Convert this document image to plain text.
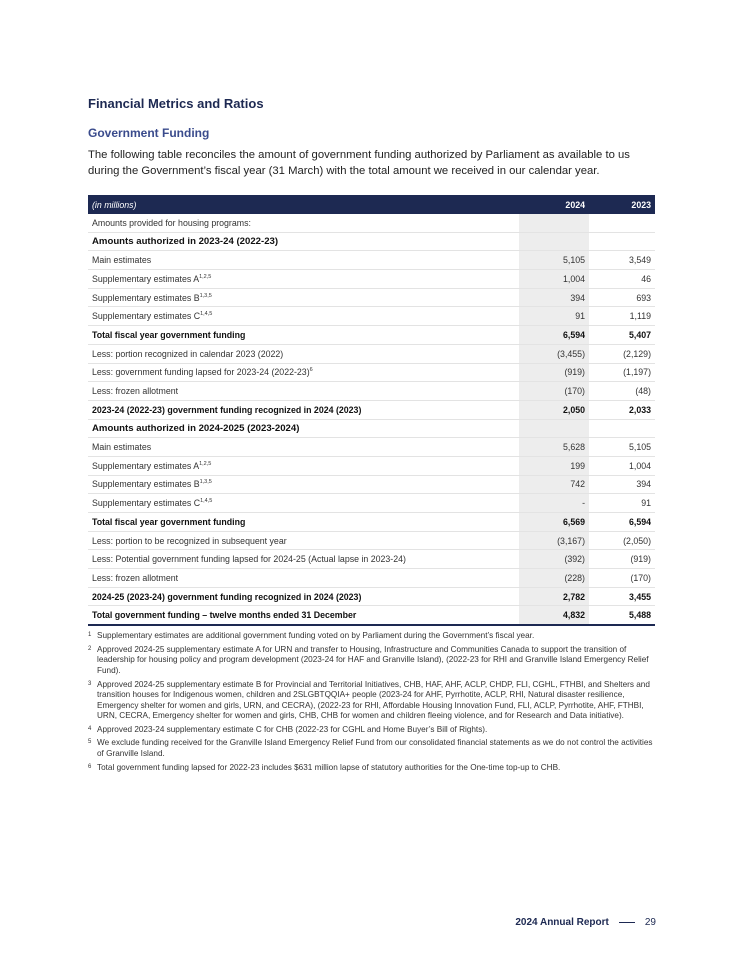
Financial Metrics and Ratios
Government Funding

The following table reconciles the amount of government funding authorized by Parliament as available to us during the Government’s fiscal year (31 March) with the total amount we received in our calendar year.

(in millions)	2024	2023
Amounts provided for housing programs:		
Amounts authorized in 2023-24 (2022-23)		
Main estimates	5,105	3,549
Supplementary estimates A$^{1,2,5}$	1,004	46
Supplementary estimates B$^{1,3,5}$	394	693
Supplementary estimates C$^{1,4,5}$	91	1,119
Total fiscal year government funding	6,594	5,407
Less: portion recognized in calendar 2023 (2022)	(3,455)	(2,129)
Less: government funding lapsed for 2023-24 (2022-23)$^6$	(919)	(1,197)
Less: frozen allotment	(170)	(48)
2023-24 (2022-23) government funding recognized in 2024 (2023)	2,050	2,033
Amounts authorized in 2024-2025 (2023-2024)		
Main estimates	5,628	5,105
Supplementary estimates A$^{1,2,5}$	199	1,004
Supplementary estimates B$^{1,3,5}$	742	394
Supplementary estimates C$^{1,4,5}$	-	91
Total fiscal year government funding	6,569	6,594
Less: portion to be recognized in subsequent year	(3,167)	(2,050)
Less: Potential government funding lapsed for 2024-25 (Actual lapse in 2023-24)	(392)	(919)
Less: frozen allotment	(228)	(170)
2024-25 (2023-24) government funding recognized in 2024 (2023)	2,782	3,455
Total government funding – twelve months ended 31 December	4,832	5,488
1 Supplementary estimates are additional government funding voted on by Parliament during the Government’s fiscal year.
2 Approved 2024-25 supplementary estimate A for URN and transfer to Housing, Infrastructure and Communities Canada to support the transition of leadership for housing policy and program development (2023-24 for HAF and Granville Island), (2022-23 for RHI and Granville Island Emergency Relief Fund).
3 Approved 2024-25 supplementary estimate B for Provincial and Territorial Initiatives, CHB, HAF, AHF, ACLP, CHDP, FLI, CGHL, FTHBI, and Shelters and transition houses for Indigenous women, children and 2SLGBTQQIA+ people (2023-24 for AHF, Pyrrhotite, ACLP, RHI, Natural disaster resilience, Emergency shelter for women and girls, URN, and CECRA), (2022-23 for RHI, Affordable Housing Innovation Fund, FLI, ACLP, Pyrrhotite, AHF, FTHBI, URN, CECRA, Emergency shelter for women and girls, CHB, CHB for women and children fleeing violence, and for Research and Data initiative).
4 Approved 2023-24 supplementary estimate C for CHB (2022-23 for CGHL and Home Buyer’s Bill of Rights).
5 We exclude funding received for the Granville Island Emergency Relief Fund from our consolidated financial statements as we do not control the activities of Granville Island.
6 Total government funding lapsed for 2022-23 includes $631 million lapse of statutory authorities for the One-time top-up to CHB.
2024 Annual Report	29
